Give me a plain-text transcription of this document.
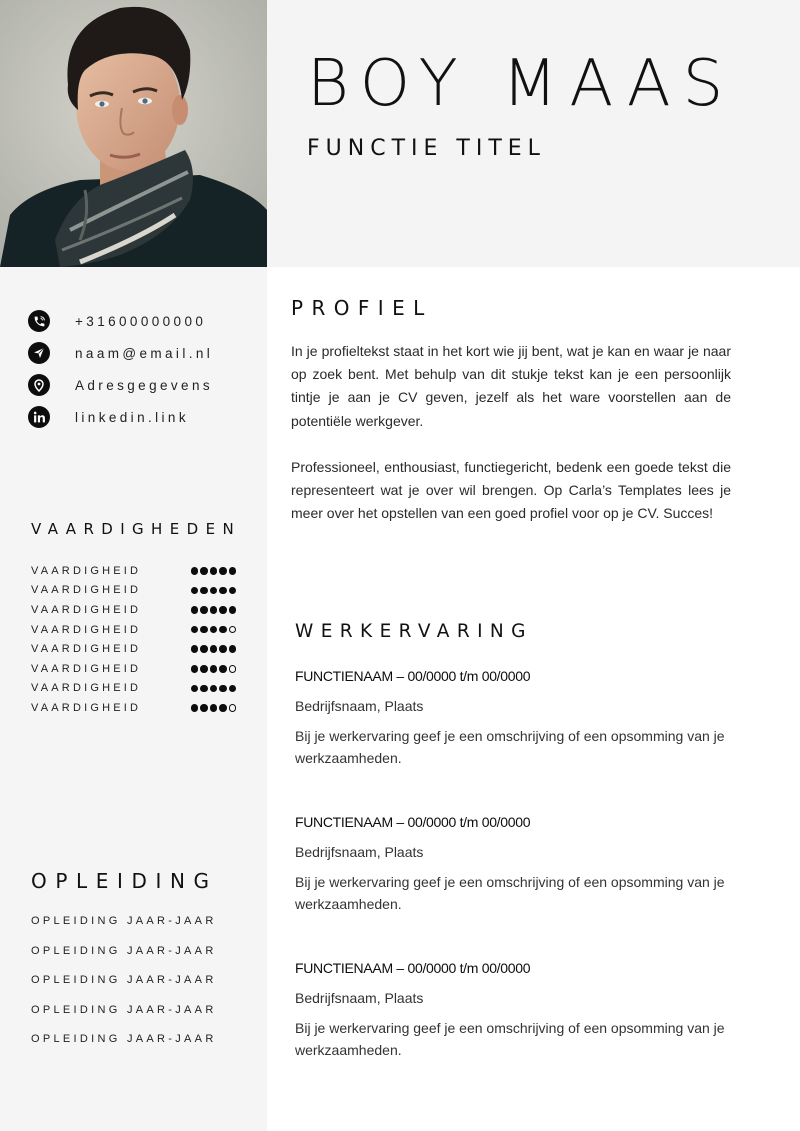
BOY MAAS
FUNCTIE TITEL
+31600000000
naam@email.nl
Adresgegevens
linkedin.link
VAARDIGHEDEN
VAARDIGHEID
VAARDIGHEID
VAARDIGHEID
VAARDIGHEID
VAARDIGHEID
VAARDIGHEID
VAARDIGHEID
VAARDIGHEID
OPLEIDING
OPLEIDING JAAR-JAAR
OPLEIDING JAAR-JAAR
OPLEIDING JAAR-JAAR
OPLEIDING JAAR-JAAR
OPLEIDING JAAR-JAAR
PROFIEL

In je profieltekst staat in het kort wie jij bent, wat je kan en waar je naar op zoek bent. Met behulp van dit stukje tekst kan je een persoonlijk tintje je aan je CV geven, jezelf als het ware voorstellen aan de potentiële werkgever.

Professioneel, enthousiast, functiegericht, bedenk een goede tekst die representeert wat je over wil brengen. Op Carla’s Templates lees je meer over het opstellen van een goed profiel voor op je CV. Succes!

WERKERVARING
FUNCTIENAAM – 00/0000 t/m 00/0000
Bedrijfsnaam, Plaats
Bij je werkervaring geef je een omschrijving of een opsomming van je werkzaamheden.
FUNCTIENAAM – 00/0000 t/m 00/0000
Bedrijfsnaam, Plaats
Bij je werkervaring geef je een omschrijving of een opsomming van je werkzaamheden.
FUNCTIENAAM – 00/0000 t/m 00/0000
Bedrijfsnaam, Plaats
Bij je werkervaring geef je een omschrijving of een opsomming van je werkzaamheden.
